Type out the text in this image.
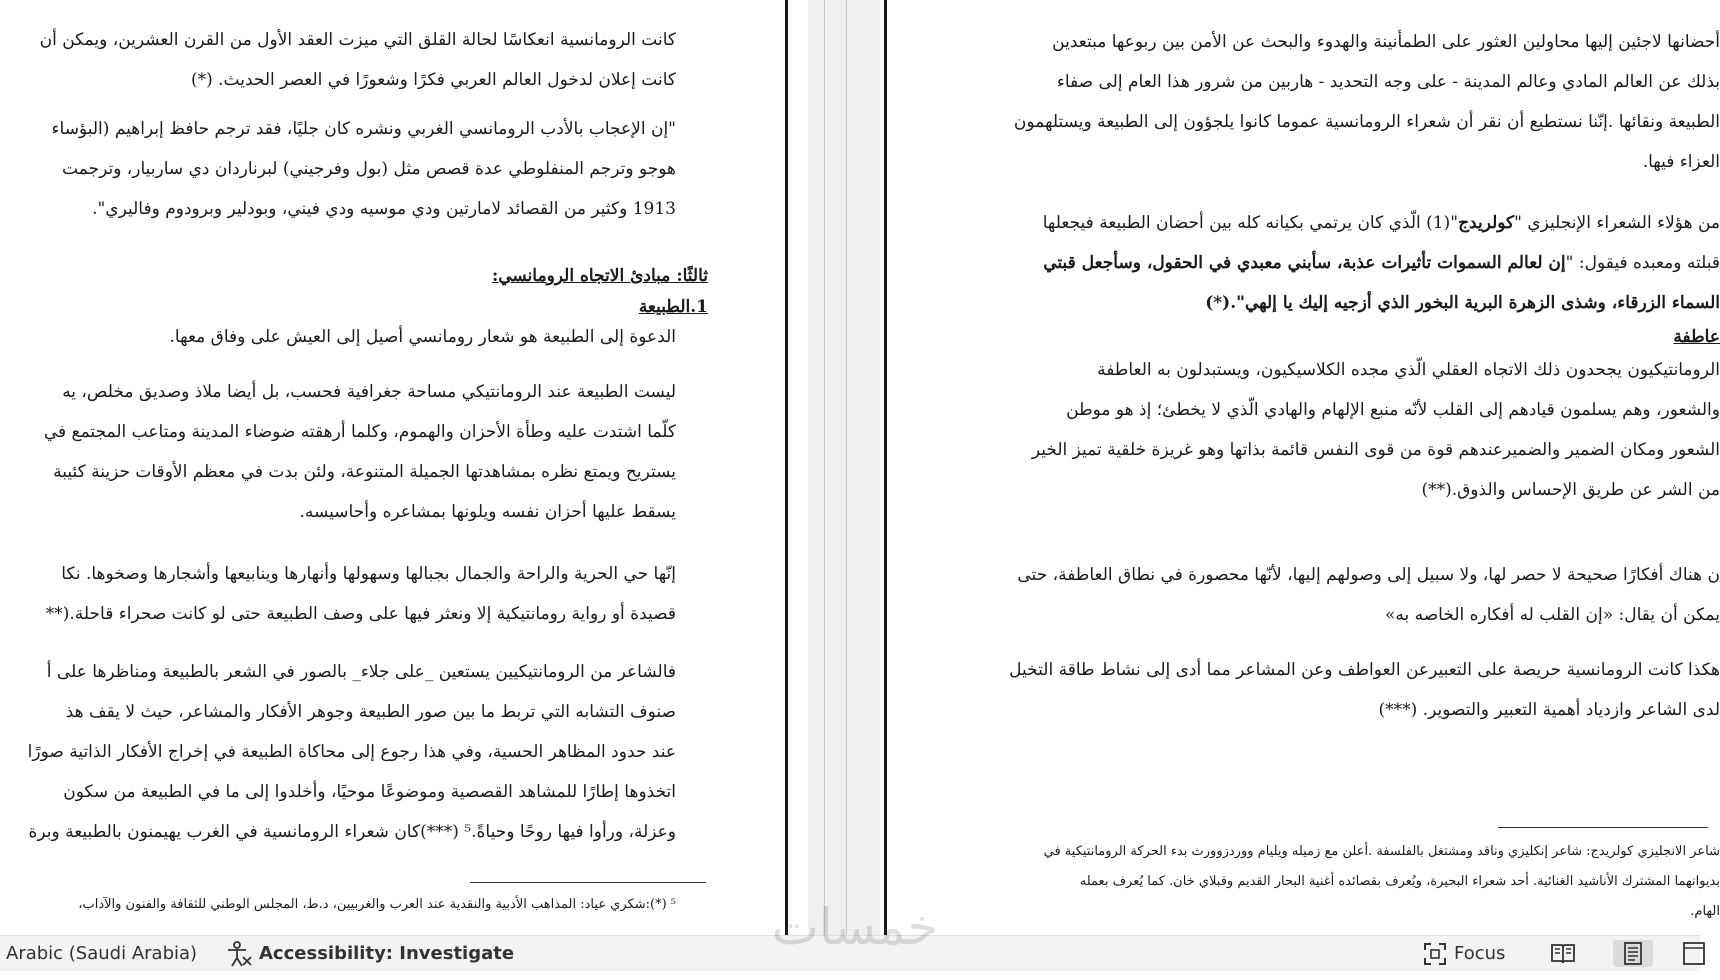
كانت الرومانسية انعكاسًا لحالة القلق التي ميزت العقد الأول من القرن العشرين، ويمكن أن
كانت إعلان لدخول العالم العربي فكرًا وشعورًا في العصر الحديث. (*)
"إن الإعجاب بالأدب الرومانسي الغربي ونشره كان جليًا، فقد ترجم حافظ إبراهيم (البؤساء
هوجو وترجم المنفلوطي عدة قصص مثل (بول وفرجيني) لبرناردان دي ساربيار، وترجمت
1913 وكثير من القصائد لامارتين ودي موسيه ودي فيني، وبودلير وبرودوم وفاليري".
ثالثًا: مبادئ الاتجاه الرومانسي:
1.الطبيعة
الدعوة إلى الطبيعة هو شعار رومانسي أصيل إلى العيش على وفاق معها.
ليست الطبيعة عند الرومانتيكي مساحة جغرافية فحسب، بل أيضا ملاذ وصديق مخلص، يه
كلّما اشتدت عليه وطأة الأحزان والهموم، وكلما أرهقته ضوضاء المدينة ومتاعب المجتمع في
يستريح ويمتع نظره بمشاهدتها الجميلة المتنوعة، ولئن بدت في معظم الأوقات حزينة كئيبة
يسقط عليها أحزان نفسه ويلونها بمشاعره وأحاسيسه.
إنّها حي الحرية والراحة والجمال بجبالها وسهولها وأنهارها وينابيعها وأشجارها وصخوها. نكا
قصيدة أو رواية رومانتيكية إلا ونعثر فيها على وصف الطبيعة حتى لو كانت صحراء قاحلة.(**
فالشاعر من الرومانتيكيين يستعين _على جلاء_ بالصور في الشعر بالطبيعة ومناظرها على أ
صنوف التشابه التي تربط ما بين صور الطبيعة وجوهر الأفكار والمشاعر، حيث لا يقف هذ
عند حدود المظاهر الحسية، وفي هذا رجوع إلى محاكاة الطبيعة في إخراج الأفكار الذاتية صورًا
اتخذوها إطارًا للمشاهد القصصية وموضوعًا موحيًا، وأخلدوا إلى ما في الطبيعة من سكون
وعزلة، ورأوا فيها روحًا وحياةً.⁵ (***)كان شعراء الرومانسية في الغرب يهيمنون بالطبيعة وبرة
⁵ (*):شكري عياد: المذاهب الأدبية والنقدية عند العرب والغربيين، د.ط، المجلس الوطني للثقافة والفنون والآداب،
أحضانها لاجئين إليها محاولين العثور على الطمأنينة والهدوء والبحث عن الأمن بين ربوعها مبتعدين
بذلك عن العالم المادي وعالم المدينة - على وجه التحديد - هاربين من شرور هذا العام إلى صفاء
الطبيعة ونقائها .إنّنا نستطيع أن نقر أن شعراء الرومانسية عموما كانوا يلجؤون إلى الطبيعة ويستلهمون
العزاء فيها.
من هؤلاء الشعراء الإنجليزي "كولريدج"(1) الّذي كان يرتمي بكيانه كله بين أحضان الطبيعة فيجعلها
قبلته ومعبده فيقول: "إن لعالم السموات تأثيرات عذبة، سأبني معبدي في الحقول، وسأجعل قبتي
السماء الزرقاء، وشذى الزهرة البرية البخور الذي أزجيه إليك يا إلهي".(*)
عاطفة
الرومانتيكيون يجحدون ذلك الاتجاه العقلي الّذي مجده الكلاسيكيون، ويستبدلون به العاطفة
والشعور، وهم يسلمون قيادهم إلى القلب لأنّه منبع الإلهام والهادي الّذي لا يخطئ؛ إذ هو موطن
الشعور ومكان الضمير والضميرعندهم قوة من قوى النفس قائمة بذاتها وهو غريزة خلقية تميز الخير
من الشر عن طريق الإحساس والذوق.(**)
ن هناك أفكارًا صحيحة لا حصر لها، ولا سبيل إلى وصولهم إليها، لأنّها محصورة في نطاق العاطفة، حتى
يمكن أن يقال: «إن القلب له أفكاره الخاصه به»
هكذا كانت الرومانسية حريصة على التعبيرعن العواطف وعن المشاعر مما أدى إلى نشاط طاقة التخيل
لدى الشاعر وازدياد أهمية التعبير والتصوير. (***)
شاعر الانجليزي كولريدج: شاعر إنكليزي وناقد ومشتغل بالفلسفة .أعلن مع زميله ويليام ووردزوورث بدء الحركة الرومانتيكية في
بديوانهما المشترك الأناشيد الغنائية. أحد شعراء البحيرة، ويُعرف بقصائده أغنية البحار القديم وقبلاي خان. كما يُعرف بعمله
الهام.
Arabic (Saudi Arabia)	Accessibility: Investigate	Focus
خمسات
